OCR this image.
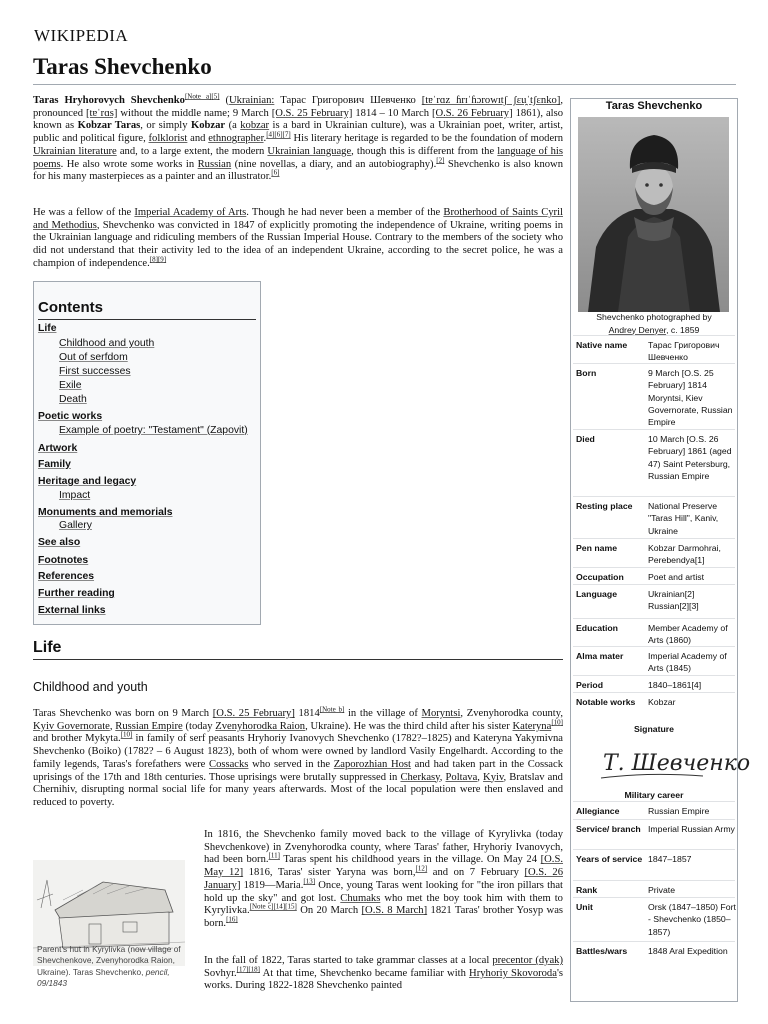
WIKIPEDIA
Taras Shevchenko
Taras Hryhorovych Shevchenko[Note a][5] (Ukrainian: Тарас Григорович Шевченко [tɐˈrɑz ɦrɪˈɦɔrowɪtʃ ʃɛu̯ˈtʃɛnko], pronounced [tɐˈrɑs] without the middle name; 9 March [O.S. 25 February] 1814 – 10 March [O.S. 26 February] 1861), also known as Kobzar Taras, or simply Kobzar (a kobzar is a bard in Ukrainian culture), was a Ukrainian poet, writer, artist, public and political figure, folklorist and ethnographer.[4][6][7] His literary heritage is regarded to be the foundation of modern Ukrainian literature and, to a large extent, the modern Ukrainian language, though this is different from the language of his poems. He also wrote some works in Russian (nine novellas, a diary, and an autobiography).[2] Shevchenko is also known for his many masterpieces as a painter and an illustrator.[6]
He was a fellow of the Imperial Academy of Arts. Though he had never been a member of the Brotherhood of Saints Cyril and Methodius, Shevchenko was convicted in 1847 of explicitly promoting the independence of Ukraine, writing poems in the Ukrainian language and ridiculing members of the Russian Imperial House. Contrary to the members of the society who did not understand that their activity led to the idea of an independent Ukraine, according to the secret police, he was a champion of independence.[8][9]
Contents
Life
Childhood and youth
Out of serfdom
First successes
Exile
Death
Poetic works
Example of poetry: "Testament" (Zapovit)
Artwork
Family
Heritage and legacy
Impact
Monuments and memorials
Gallery
See also
Footnotes
References
Further reading
External links
Life
Childhood and youth
Taras Shevchenko was born on 9 March [O.S. 25 February] 1814[Note b] in the village of Moryntsi, Zvenyhorodka county, Kyiv Governorate, Russian Empire (today Zvenyhorodka Raion, Ukraine). He was the third child after his sister Kateryna[10] and brother Mykyta.[10] in family of serf peasants Hryhoriy Ivanovych Shevchenko (1782?–1825) and Kateryna Yakymivna Shevchenko (Boiko) (1782? – 6 August 1823), both of whom were owned by landlord Vasily Engelhardt. According to the family legends, Taras's forefathers were Cossacks who served in the Zaporozhian Host and had taken part in the Cossack uprisings of the 17th and 18th centuries. Those uprisings were brutally suppressed in Cherkasy, Poltava, Kyiv, Bratslav and Chernihiv, disrupting normal social life for many years afterwards. Most of the local population were then enslaved and reduced to poverty.
Parent's hut in Kyrylivka (now village of Shevchenkove, Zvenyhorodka Raion, Ukraine). Taras Shevchenko, pencil, 09/1843
In 1816, the Shevchenko family moved back to the village of Kyrylivka (today Shevchenkove) in Zvenyhorodka county, where Taras' father, Hryhoriy Ivanovych, had been born.[11] Taras spent his childhood years in the village. On May 24 [O.S. May 12] 1816, Taras' sister Yaryna was born,[12] and on 7 February [O.S. 26 January] 1819—Maria.[13] Once, young Taras went looking for "the iron pillars that hold up the sky" and got lost. Chumaks who met the boy took him with them to Kyrylivka.[Note c][14][15] On 20 March [O.S. 8 March] 1821 Taras' brother Yosyp was born.[16]
In the fall of 1822, Taras started to take grammar classes at a local precentor (dyak) Sovhyr.[17][18] At that time, Shevchenko became familiar with Hryhoriy Skovoroda's works. During 1822-1828 Shevchenko painted
Taras Shevchenko
Shevchenko photographed by
Andrey Denyer, c. 1859
Native name	Тарас Григорович Шевченко
Born	9 March [O.S. 25 February] 1814 Moryntsi, Kiev Governorate, Russian Empire
Died	10 March [O.S. 26 February] 1861 (aged 47) Saint Petersburg, Russian Empire
Resting place	National Preserve "Taras Hill", Kaniv, Ukraine
Pen name	Kobzar Darmohrai, Perebendya[1]
Occupation	Poet and artist
Language	Ukrainian[2] Russian[2][3]
Education	Member Academy of Arts (1860)
Alma mater	Imperial Academy of Arts (1845)
Period	1840–1861[4]
Notable works	Kobzar
Signature
Т. Шевченко
Military career
Allegiance	Russian Empire
Service/ branch Imperial Russian Army
Years of service 1847–1857
Rank	Private
Unit	Orsk (1847–1850) Fort - Shevchenko (1850–1857)
Battles/wars	1848 Aral Expedition
